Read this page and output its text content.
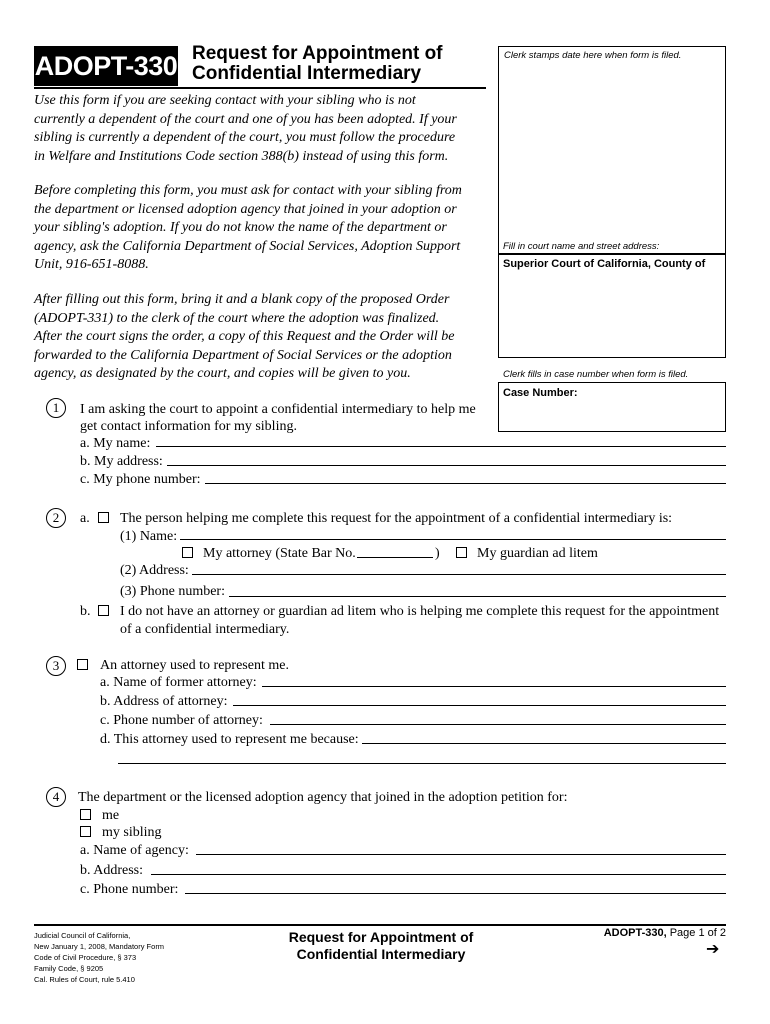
ADOPT-330 Request for Appointment of
Confidential Intermediary
Use this form if you are seeking contact with your sibling who is not
currently a dependent of the court and one of you has been adopted. If your
sibling is currently a dependent of the court, you must follow the procedure
in Welfare and Institutions Code section 388(b) instead of using this form.
Before completing this form, you must ask for contact with your sibling from
the department or licensed adoption agency that joined in your adoption or
your sibling's adoption. If you do not know the name of the department or
agency, ask the California Department of Social Services, Adoption Support
Unit, 916-651-8088.
After filling out this form, bring it and a blank copy of the proposed Order
(ADOPT-331) to the clerk of the court where the adoption was finalized.
After the court signs the order, a copy of this Request and the Order will be
forwarded to the California Department of Social Services or the adoption
agency, as designated by the court, and copies will be given to you.
Clerk stamps date here when form is filed.
Fill in court name and street address:
Superior Court of California, County of
Clerk fills in case number when form is filed.
Case Number:
1	I am asking the court to appoint a confidential intermediary to help me
get contact information for my sibling.
a. My name:
b. My address:
c. My phone number:
2	a. The person helping me complete this request for the appointment of a confidential intermediary is:
(1) Name:
My attorney (State Bar No.	)	My guardian ad litem
(2) Address:
(3) Phone number:
b. I do not have an attorney or guardian ad litem who is helping me complete this request for the appointment
of a confidential intermediary.
3	An attorney used to represent me.
a. Name of former attorney:
b. Address of attorney:
c. Phone number of attorney:
d. This attorney used to represent me because:
4	The department or the licensed adoption agency that joined in the adoption petition for:
me
my sibling
a. Name of agency:
b. Address:
c. Phone number:
Judicial Council of California,
New January 1, 2008, Mandatory Form
Code of Civil Procedure, § 373
Family Code, § 9205
Cal. Rules of Court, rule 5.410
Request for Appointment of
Confidential Intermediary
ADOPT-330, Page 1 of 2
➔
